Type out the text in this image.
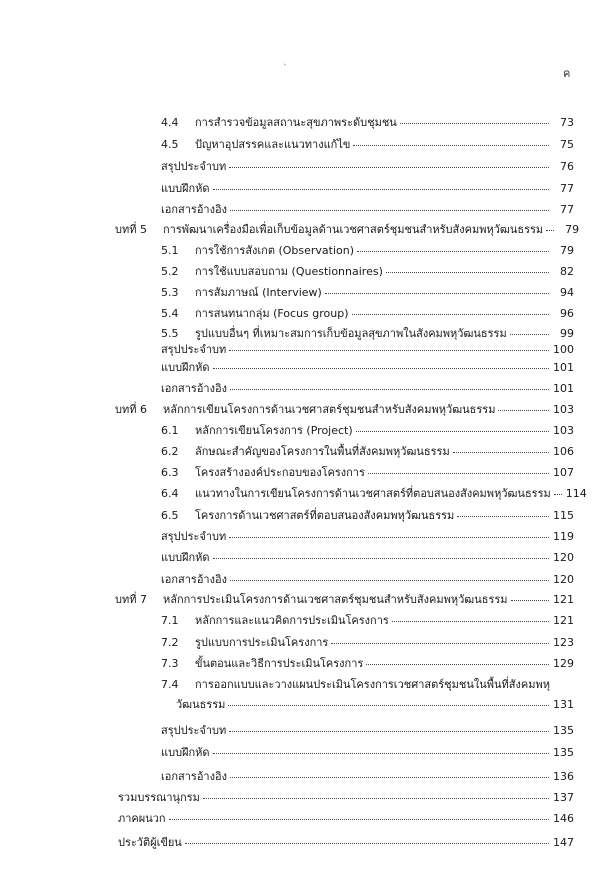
ค
`
4.4	การสำรวจข้อมูลสถานะสุขภาพระดับชุมชน	73
4.5	ปัญหาอุปสรรคและแนวทางแก้ไข	75
สรุปประจำบท	76
แบบฝึกหัด	77
เอกสารอ้างอิง	77
บทที่ 5	การพัฒนาเครื่องมือเพื่อเก็บข้อมูลด้านเวชศาสตร์ชุมชนสำหรับสังคมพหุวัฒนธรรม	79
5.1	การใช้การสังเกต (Observation)	79
5.2	การใช้แบบสอบถาม (Questionnaires)	82
5.3	การสัมภาษณ์ (Interview)	94
5.4	การสนทนากลุ่ม (Focus group)	96
5.5	รูปแบบอื่นๆ ที่เหมาะสมการเก็บข้อมูลสุขภาพในสังคมพหุวัฒนธรรม	99
สรุปประจำบท	100
แบบฝึกหัด	101
เอกสารอ้างอิง	101
บทที่ 6	หลักการเขียนโครงการด้านเวชศาสตร์ชุมชนสำหรับสังคมพหุวัฒนธรรม	103
6.1	หลักการเขียนโครงการ (Project)	103
6.2	ลักษณะสำคัญของโครงการในพื้นที่สังคมพหุวัฒนธรรม	106
6.3	โครงสร้างองค์ประกอบของโครงการ	107
6.4	แนวทางในการเขียนโครงการด้านเวชศาสตร์ที่ตอบสนองสังคมพหุวัฒนธรรม 114
6.5	โครงการด้านเวชศาสตร์ที่ตอบสนองสังคมพหุวัฒนธรรม	115
สรุปประจำบท	119
แบบฝึกหัด	120
เอกสารอ้างอิง	120
บทที่ 7	หลักการประเมินโครงการด้านเวชศาสตร์ชุมชนสำหรับสังคมพหุวัฒนธรรม	121
7.1	หลักการและแนวคิดการประเมินโครงการ	121
7.2	รูปแบบการประเมินโครงการ	123
7.3	ขั้นตอนและวิธีการประเมินโครงการ	129
7.4	การออกแบบและวางแผนประเมินโครงการเวชศาสตร์ชุมชนในพื้นที่สังคมพหุ
วัฒนธรรม	131
สรุปประจำบท	135
แบบฝึกหัด	135
เอกสารอ้างอิง	136
รวมบรรณานุกรม	137
ภาคผนวก	146
ประวัติผู้เขียน	147
